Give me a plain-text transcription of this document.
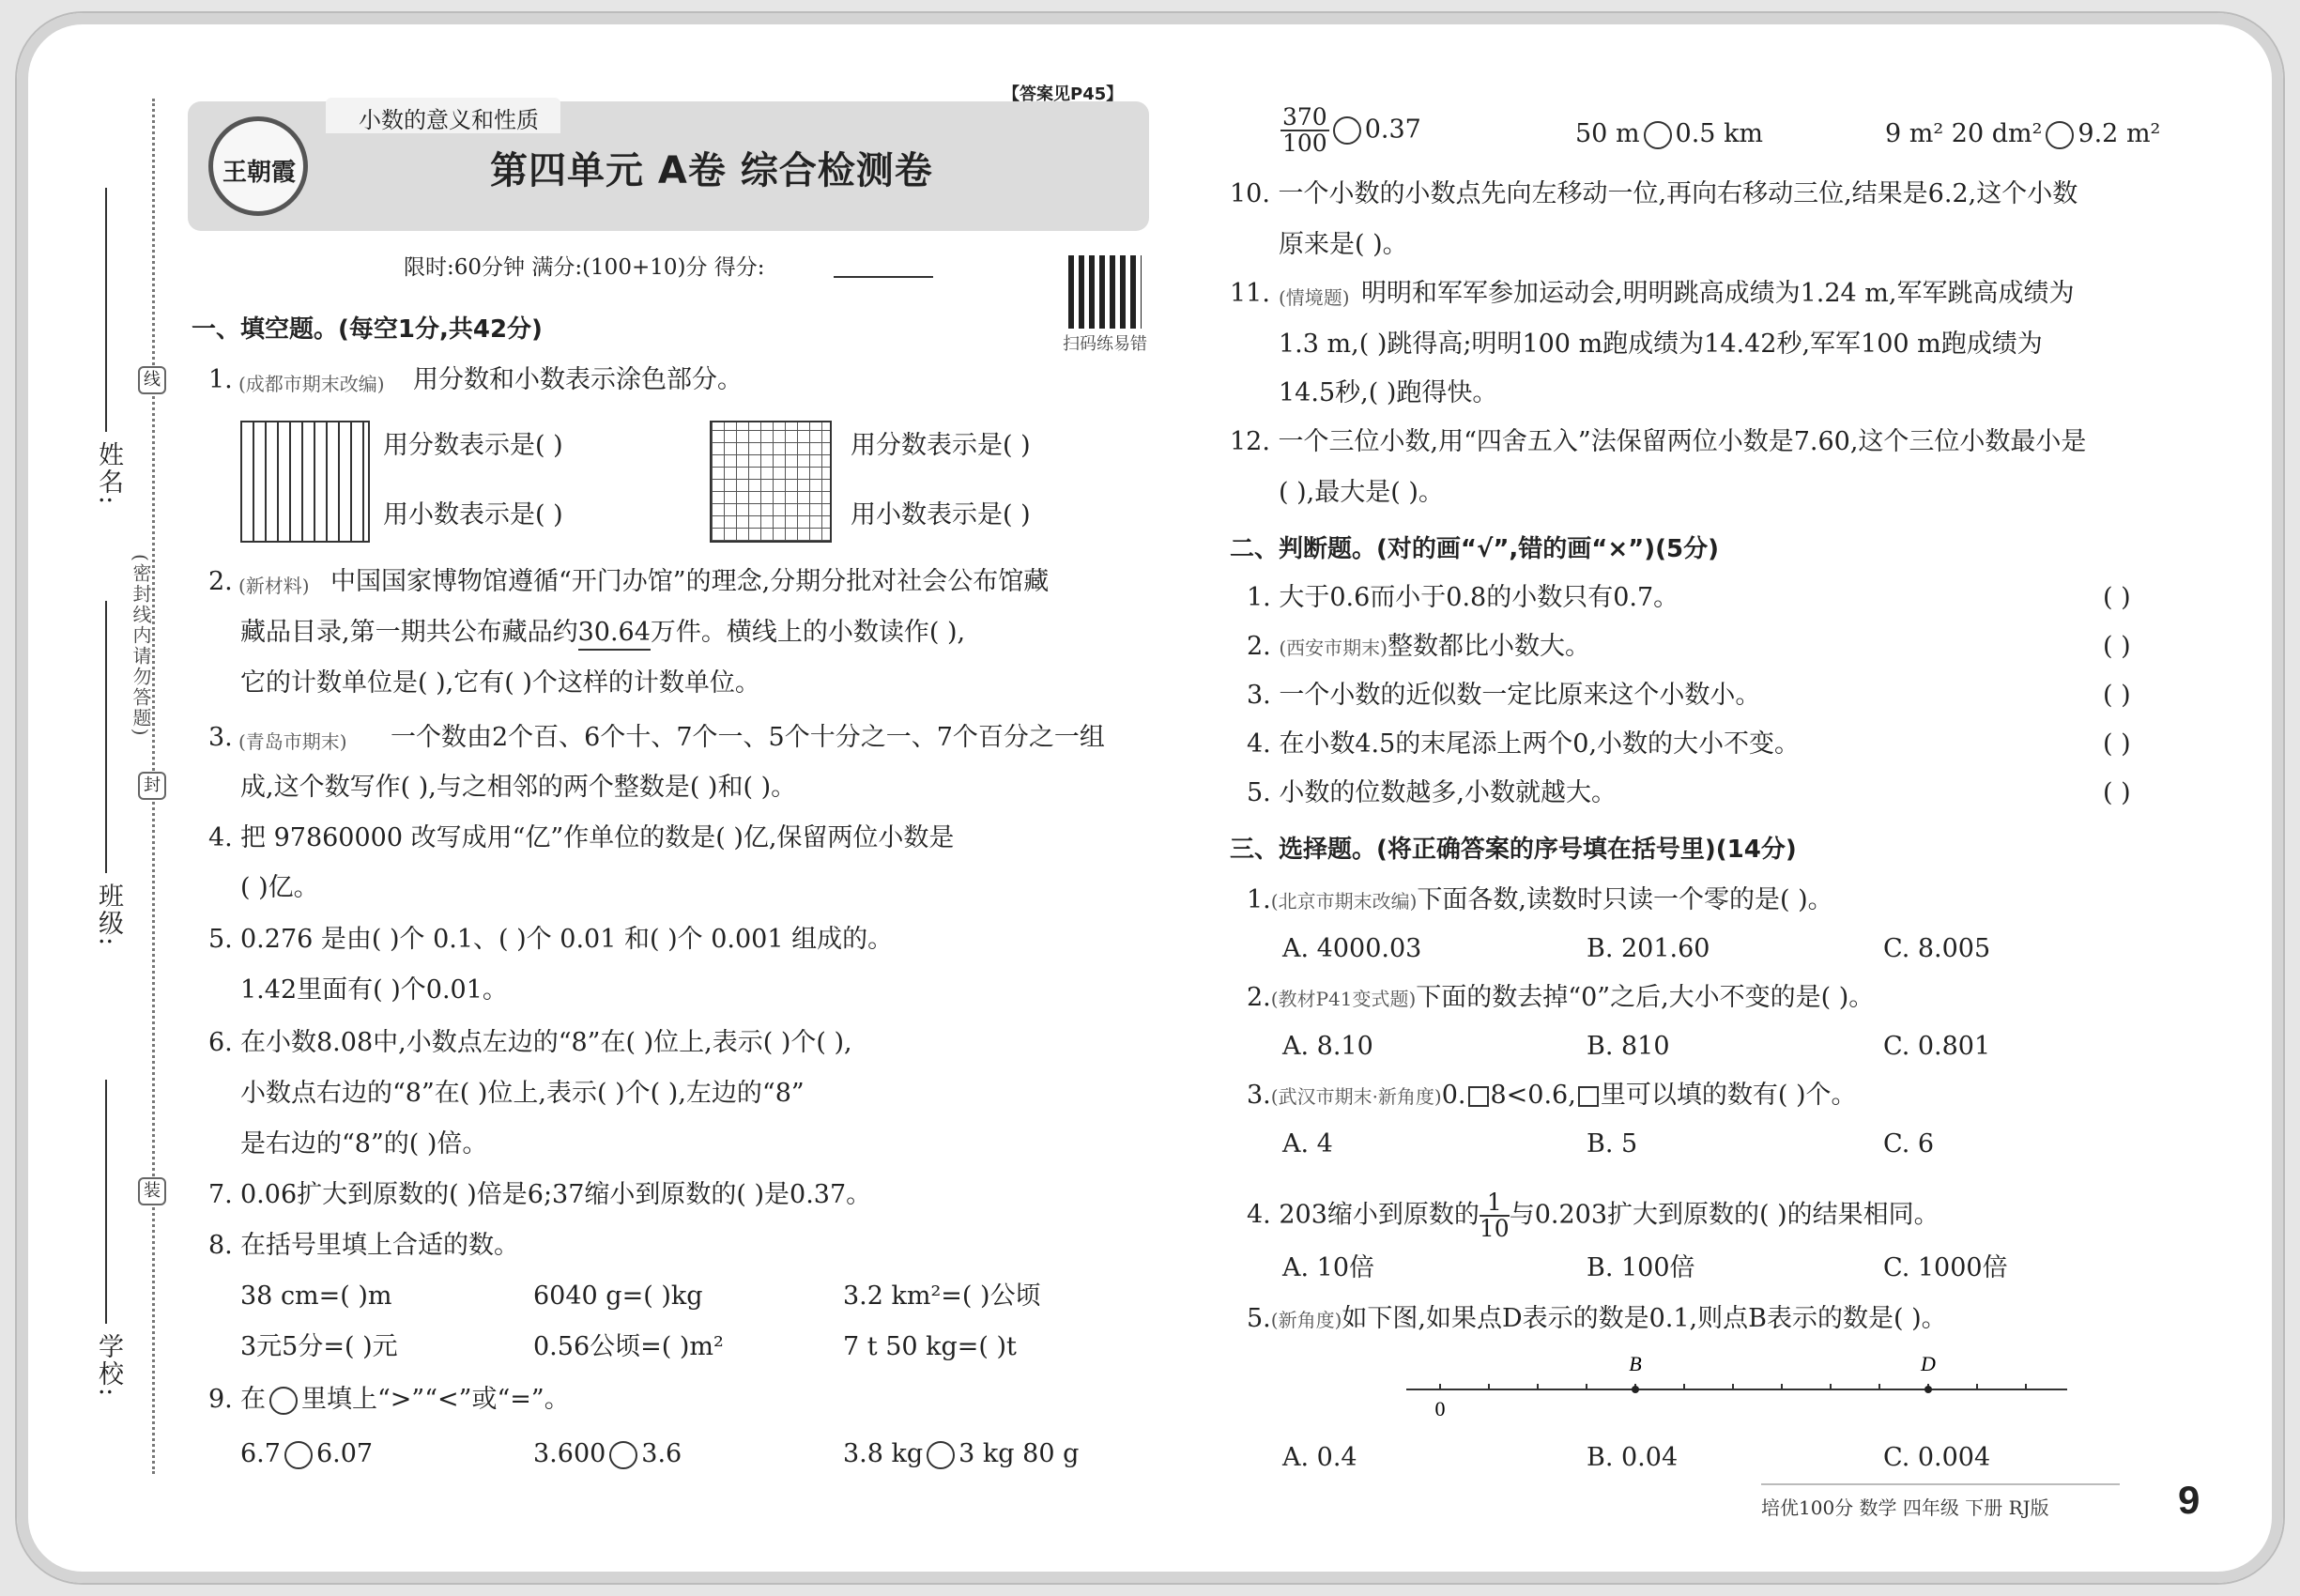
姓名:
班级:
学校:
(密封线内请勿答题)
线
封
装
小数的意义和性质
【答案见P45】
王朝霞	第四单元 A卷 综合检测卷
限时:60分钟 满分:(100+10)分 得分:
扫码练易错
一、填空题。(每空1分,共42分)
1. (成都市期末改编) 用分数和小数表示涂色部分。
用分数表示是( )
用小数表示是( )
用分数表示是( )
用小数表示是( )
2. (新材料) 中国国家博物馆遵循“开门办馆”的理念,分期分批对社会公布馆藏
藏品目录,第一期共公布藏品约30.64万件。横线上的小数读作( ),
它的计数单位是( ),它有( )个这样的计数单位。
3. (青岛市期末) 一个数由2个百、6个十、7个一、5个十分之一、7个百分之一组
成,这个数写作( ),与之相邻的两个整数是( )和( )。
4. 把 97860000 改写成用“亿”作单位的数是( )亿,保留两位小数是
( )亿。
5. 0.276 是由( )个 0.1、( )个 0.01 和( )个 0.001 组成的。
1.42里面有( )个0.01。
6. 在小数8.08中,小数点左边的“8”在( )位上,表示( )个( ),
小数点右边的“8”在( )位上,表示( )个( ),左边的“8”
是右边的“8”的( )倍。
7. 0.06扩大到原数的( )倍是6;37缩小到原数的( )是0.37。
8. 在括号里填上合适的数。
38 cm=( )m	6040 g=( )kg	3.2 km²=( )公顷
3元5分=( )元	0.56公顷=( )m²	7 t 50 kg=( )t
9. 在 里填上“>”“<”或“=”。
6.7 6.07	3.600 3.6	3.8 kg 3 kg 80 g
$\frac{370}{100} 0.37$	50 m 0.5 km	9 m² 20 dm² 9.2 m²
10. 一个小数的小数点先向左移动一位,再向右移动三位,结果是6.2,这个小数
原来是( )。
11. (情境题) 明明和军军参加运动会,明明跳高成绩为1.24 m,军军跳高成绩为
1.3 m,( )跳得高;明明100 m跑成绩为14.42秒,军军100 m跑成绩为
14.5秒,( )跑得快。
12. 一个三位小数,用“四舍五入”法保留两位小数是7.60,这个三位小数最小是
( ),最大是( )。
二、判断题。(对的画“√”,错的画“×”)(5分)
1. 大于0.6而小于0.8的小数只有0.7。	( )
2. (西安市期末)整数都比小数大。	( )
3. 一个小数的近似数一定比原来这个小数小。	( )
4. 在小数4.5的末尾添上两个0,小数的大小不变。	( )
5. 小数的位数越多,小数就越大。	( )
三、选择题。(将正确答案的序号填在括号里)(14分)
1.(北京市期末改编)下面各数,读数时只读一个零的是( )。
A. 4000.03	B. 201.60	C. 8.005
2.(教材P41变式题)下面的数去掉“0”之后,大小不变的是( )。
A. 8.10	B. 810	C. 0.801
3.(武汉市期末·新角度)0. 8<0.6, 里可以填的数有( )个。
A. 4	B. 5	C. 6
4. 203缩小到原数的 $\frac{1}{10}$ 与0.203扩大到原数的( )的结果相同。
A. 10倍	B. 100倍	C. 1000倍
5.(新角度)如下图,如果点D表示的数是0.1,则点B表示的数是( )。
B	D
0
A. 0.4	B. 0.04	C. 0.004
培优100分 数学 四年级 下册 RJ版	9
